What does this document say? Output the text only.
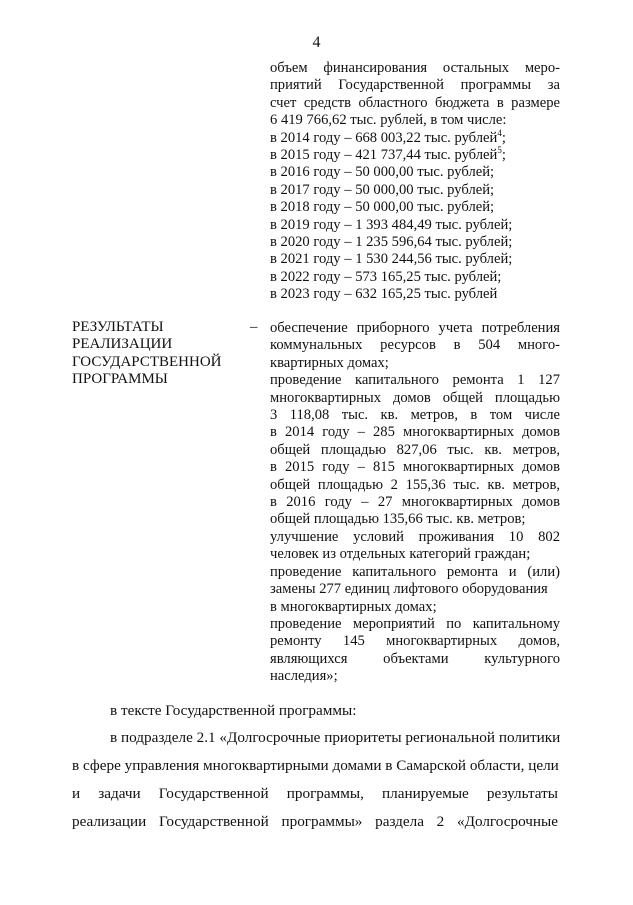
4
объем финансирования остальных меро-
приятий Государственной программы за
счет средств областного бюджета в размере
6 419 766,62 тыс. рублей, в том числе:
в 2014 году – 668 003,22 тыс. рублей$^4$;
в 2015 году – 421 737,44 тыс. рублей$^5$;
в 2016 году – 50 000,00 тыс. рублей;
в 2017 году – 50 000,00 тыс. рублей;
в 2018 году – 50 000,00 тыс. рублей;
в 2019 году – 1 393 484,49 тыс. рублей;
в 2020 году – 1 235 596,64 тыс. рублей;
в 2021 году – 1 530 244,56 тыс. рублей;
в 2022 году – 573 165,25 тыс. рублей;
в 2023 году – 632 165,25 тыс. рублей
РЕЗУЛЬТАТЫ
РЕАЛИЗАЦИИ
ГОСУДАРСТВЕННОЙ
ПРОГРАММЫ
– обеспечение приборного учета потребления
коммунальных ресурсов в 504 много-
квартирных домах;
проведение капитального ремонта 1 127
многоквартирных домов общей площадью
3 118,08 тыс. кв. метров, в том числе
в 2014 году – 285 многоквартирных домов
общей площадью 827,06 тыс. кв. метров,
в 2015 году – 815 многоквартирных домов
общей площадью 2 155,36 тыс. кв. метров,
в 2016 году – 27 многоквартирных домов
общей площадью 135,66 тыс. кв. метров;
улучшение условий проживания 10 802
человек из отдельных категорий граждан;
проведение капитального ремонта и (или)
замены 277 единиц лифтового оборудования
в многоквартирных домах;
проведение мероприятий по капитальному
ремонту 145 многоквартирных домов,
являющихся объектами культурного
наследия»;
в тексте Государственной программы:
в подразделе 2.1 «Долгосрочные приоритеты региональной политики
в сфере управления многоквартирными домами в Самарской области, цели
и задачи Государственной программы, планируемые результаты
реализации Государственной программы» раздела 2 «Долгосрочные
